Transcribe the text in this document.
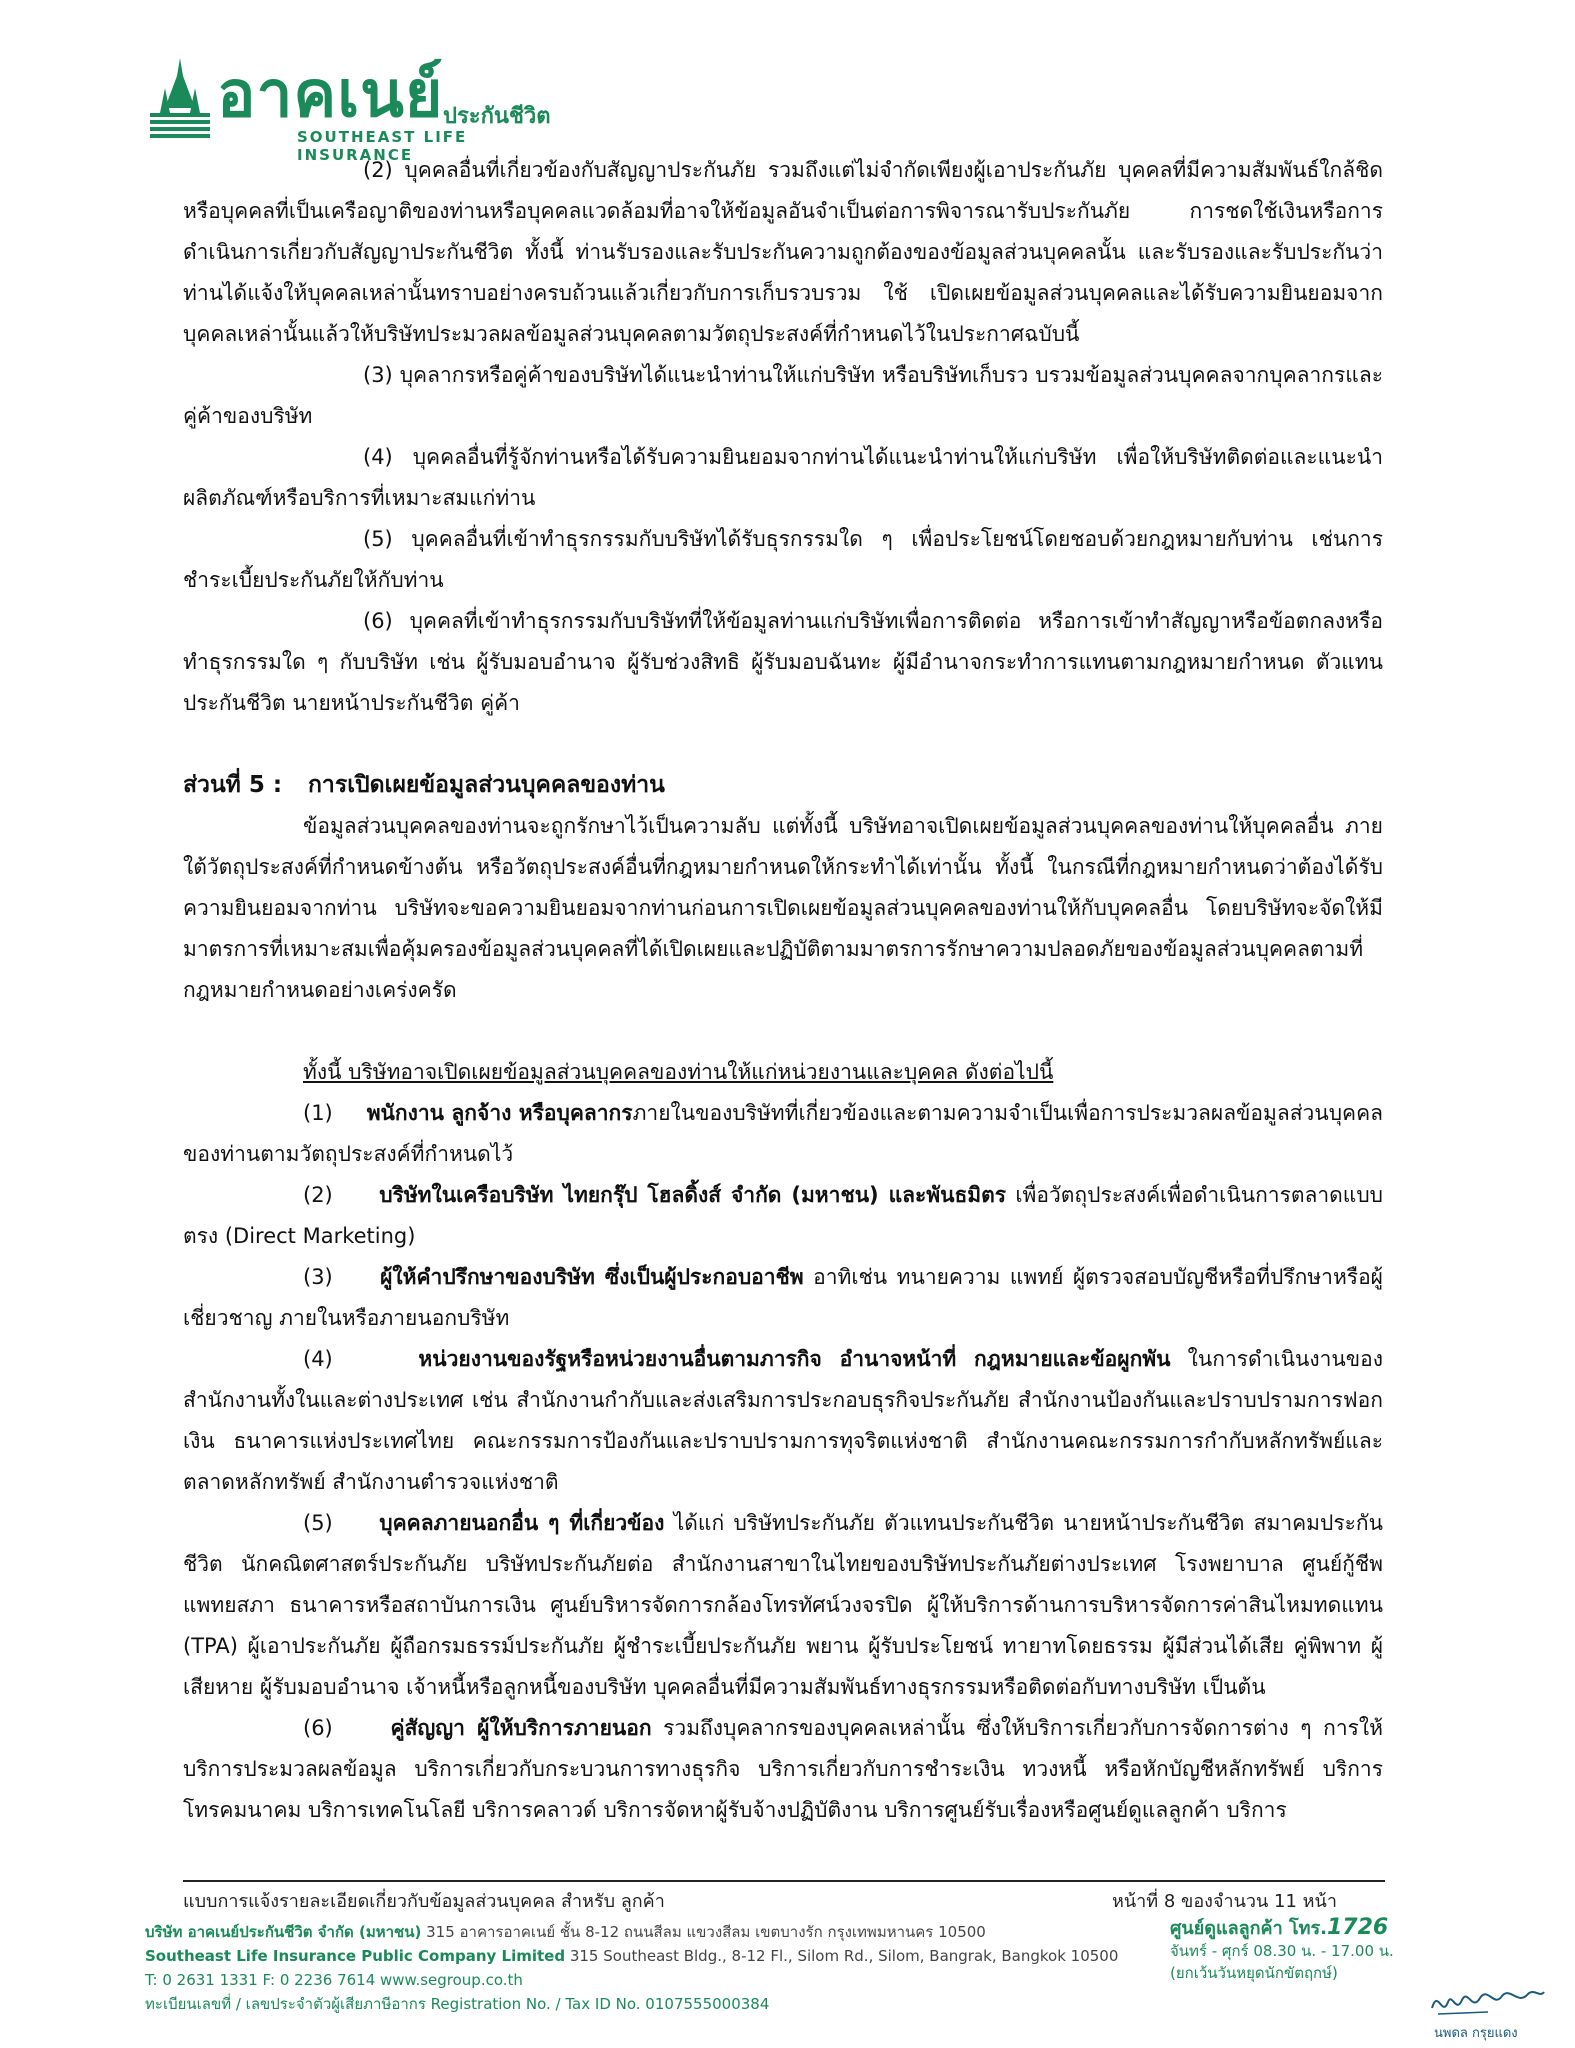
อาคเนย์ ประกันชีวิต
SOUTHEAST LIFE INSURANCE

(2) บุคคลอื่นที่เกี่ยวข้องกับสัญญาประกันภัย รวมถึงแต่ไม่จำกัดเพียงผู้เอาประกันภัย บุคคลที่มีความสัมพันธ์ใกล้ชิด หรือบุคคลที่เป็นเครือญาติของท่านหรือบุคคลแวดล้อมที่อาจให้ข้อมูลอันจำเป็นต่อการพิจารณารับประกันภัย การชดใช้เงินหรือการดำเนินการเกี่ยวกับสัญญาประกันชีวิต ทั้งนี้ ท่านรับรองและรับประกันความถูกต้องของข้อมูลส่วนบุคคลนั้น และรับรองและรับประกันว่าท่านได้แจ้งให้บุคคลเหล่านั้นทราบอย่างครบถ้วนแล้วเกี่ยวกับการเก็บรวบรวม ใช้ เปิดเผยข้อมูลส่วนบุคคลและได้รับความยินยอมจากบุคคลเหล่านั้นแล้วให้บริษัทประมวลผลข้อมูลส่วนบุคคลตามวัตถุประสงค์ที่กำหนดไว้ในประกาศฉบับนี้

(3) บุคลากรหรือคู่ค้าของบริษัทได้แนะนำท่านให้แก่บริษัท หรือบริษัทเก็บรว บรวมข้อมูลส่วนบุคคลจากบุคลากรและคู่ค้าของบริษัท

(4) บุคคลอื่นที่รู้จักท่านหรือได้รับความยินยอมจากท่านได้แนะนำท่านให้แก่บริษัท เพื่อให้บริษัทติดต่อและแนะนำผลิตภัณฑ์หรือบริการที่เหมาะสมแก่ท่าน

(5) บุคคลอื่นที่เข้าทำธุรกรรมกับบริษัทได้รับธุรกรรมใด ๆ เพื่อประโยชน์โดยชอบด้วยกฎหมายกับท่าน เช่นการชำระเบี้ยประกันภัยให้กับท่าน

(6) บุคคลที่เข้าทำธุรกรรมกับบริษัทที่ให้ข้อมูลท่านแก่บริษัทเพื่อการติดต่อ หรือการเข้าทำสัญญาหรือข้อตกลงหรือทำธุรกรรมใด ๆ กับบริษัท เช่น ผู้รับมอบอำนาจ ผู้รับช่วงสิทธิ ผู้รับมอบฉันทะ ผู้มีอำนาจกระทำการแทนตามกฎหมายกำหนด ตัวแทนประกันชีวิต นายหน้าประกันชีวิต คู่ค้า

ส่วนที่ 5 : การเปิดเผยข้อมูลส่วนบุคคลของท่าน

ข้อมูลส่วนบุคคลของท่านจะถูกรักษาไว้เป็นความลับ แต่ทั้งนี้ บริษัทอาจเปิดเผยข้อมูลส่วนบุคคลของท่านให้บุคคลอื่น ภายใต้วัตถุประสงค์ที่กำหนดข้างต้น หรือวัตถุประสงค์อื่นที่กฎหมายกำหนดให้กระทำได้เท่านั้น ทั้งนี้ ในกรณีที่กฎหมายกำหนดว่าต้องได้รับความยินยอมจากท่าน บริษัทจะขอความยินยอมจากท่านก่อนการเปิดเผยข้อมูลส่วนบุคคลของท่านให้กับบุคคลอื่น โดยบริษัทจะจัดให้มีมาตรการที่เหมาะสมเพื่อคุ้มครองข้อมูลส่วนบุคคลที่ได้เปิดเผยและปฏิบัติตามมาตรการรักษาความปลอดภัยของข้อมูลส่วนบุคคลตามที่กฎหมายกำหนดอย่างเคร่งครัด

ทั้งนี้ บริษัทอาจเปิดเผยข้อมูลส่วนบุคคลของท่านให้แก่หน่วยงานและบุคคล ดังต่อไปนี้

(1) พนักงาน ลูกจ้าง หรือบุคลากรภายในของบริษัทที่เกี่ยวข้องและตามความจำเป็นเพื่อการประมวลผลข้อมูลส่วนบุคคลของท่านตามวัตถุประสงค์ที่กำหนดไว้

(2) บริษัทในเครือบริษัท ไทยกรุ๊ป โฮลดิ้งส์ จำกัด (มหาชน) และพันธมิตร เพื่อวัตถุประสงค์เพื่อดำเนินการตลาดแบบตรง (Direct Marketing)

(3) ผู้ให้คำปรึกษาของบริษัท ซึ่งเป็นผู้ประกอบอาชีพ อาทิเช่น ทนายความ แพทย์ ผู้ตรวจสอบบัญชีหรือที่ปรึกษาหรือผู้เชี่ยวชาญ ภายในหรือภายนอกบริษัท

(4)	หน่วยงานของรัฐหรือหน่วยงานอื่นตามภารกิจ อำนาจหน้าที่ กฎหมายและข้อผูกพัน ในการดำเนินงานของสำนักงานทั้งในและต่างประเทศ เช่น สำนักงานกำกับและส่งเสริมการประกอบธุรกิจประกันภัย สำนักงานป้องกันและปราบปรามการฟอกเงิน ธนาคารแห่งประเทศไทย คณะกรรมการป้องกันและปราบปรามการทุจริตแห่งชาติ สำนักงานคณะกรรมการกำกับหลักทรัพย์และตลาดหลักทรัพย์ สำนักงานตำรวจแห่งชาติ

(5) บุคคลภายนอกอื่น ๆ ที่เกี่ยวข้อง ได้แก่ บริษัทประกันภัย ตัวแทนประกันชีวิต นายหน้าประกันชีวิต สมาคมประกันชีวิต นักคณิตศาสตร์ประกันภัย บริษัทประกันภัยต่อ สำนักงานสาขาในไทยของบริษัทประกันภัยต่างประเทศ โรงพยาบาล ศูนย์กู้ชีพ แพทยสภา ธนาคารหรือสถาบันการเงิน ศูนย์บริหารจัดการกล้องโทรทัศน์วงจรปิด ผู้ให้บริการด้านการบริหารจัดการค่าสินไหมทดแทน (TPA) ผู้เอาประกันภัย ผู้ถือกรมธรรม์ประกันภัย ผู้ชำระเบี้ยประกันภัย พยาน ผู้รับประโยชน์ ทายาทโดยธรรม ผู้มีส่วนได้เสีย คู่พิพาท ผู้เสียหาย ผู้รับมอบอำนาจ เจ้าหนี้หรือลูกหนี้ของบริษัท บุคคลอื่นที่มีความสัมพันธ์ทางธุรกรรมหรือติดต่อกับทางบริษัท เป็นต้น

(6)	คู่สัญญา ผู้ให้บริการภายนอก รวมถึงบุคลากรของบุคคลเหล่านั้น ซึ่งให้บริการเกี่ยวกับการจัดการต่าง ๆ การให้บริการประมวลผลข้อมูล บริการเกี่ยวกับกระบวนการทางธุรกิจ บริการเกี่ยวกับการชำระเงิน ทวงหนี้ หรือหักบัญชีหลักทรัพย์ บริการโทรคมนาคม บริการเทคโนโลยี บริการคลาวด์ บริการจัดหาผู้รับจ้างปฏิบัติงาน บริการศูนย์รับเรื่องหรือศูนย์ดูแลลูกค้า บริการ

แบบการแจ้งรายละเอียดเกี่ยวกับข้อมูลส่วนบุคคล สำหรับ ลูกค้า	หน้าที่ 8 ของจำนวน 11 หน้า
บริษัท อาคเนย์ประกันชีวิต จำกัด (มหาชน) 315 อาคารอาคเนย์ ชั้น 8-12 ถนนสีลม แขวงสีลม เขตบางรัก กรุงเทพมหานคร 10500
Southeast Life Insurance Public Company Limited 315 Southeast Bldg., 8-12 Fl., Silom Rd., Silom, Bangrak, Bangkok 10500
T: 0 2631 1331 F: 0 2236 7614 www.segroup.co.th
ทะเบียนเลขที่ / เลขประจำตัวผู้เสียภาษีอากร Registration No. / Tax ID No. 0107555000384
ศูนย์ดูแลลูกค้า โทร.1726
จันทร์ - ศุกร์ 08.30 น. - 17.00 น.
(ยกเว้นวันหยุดนักขัตฤกษ์)
นพดล กรุยแดง
